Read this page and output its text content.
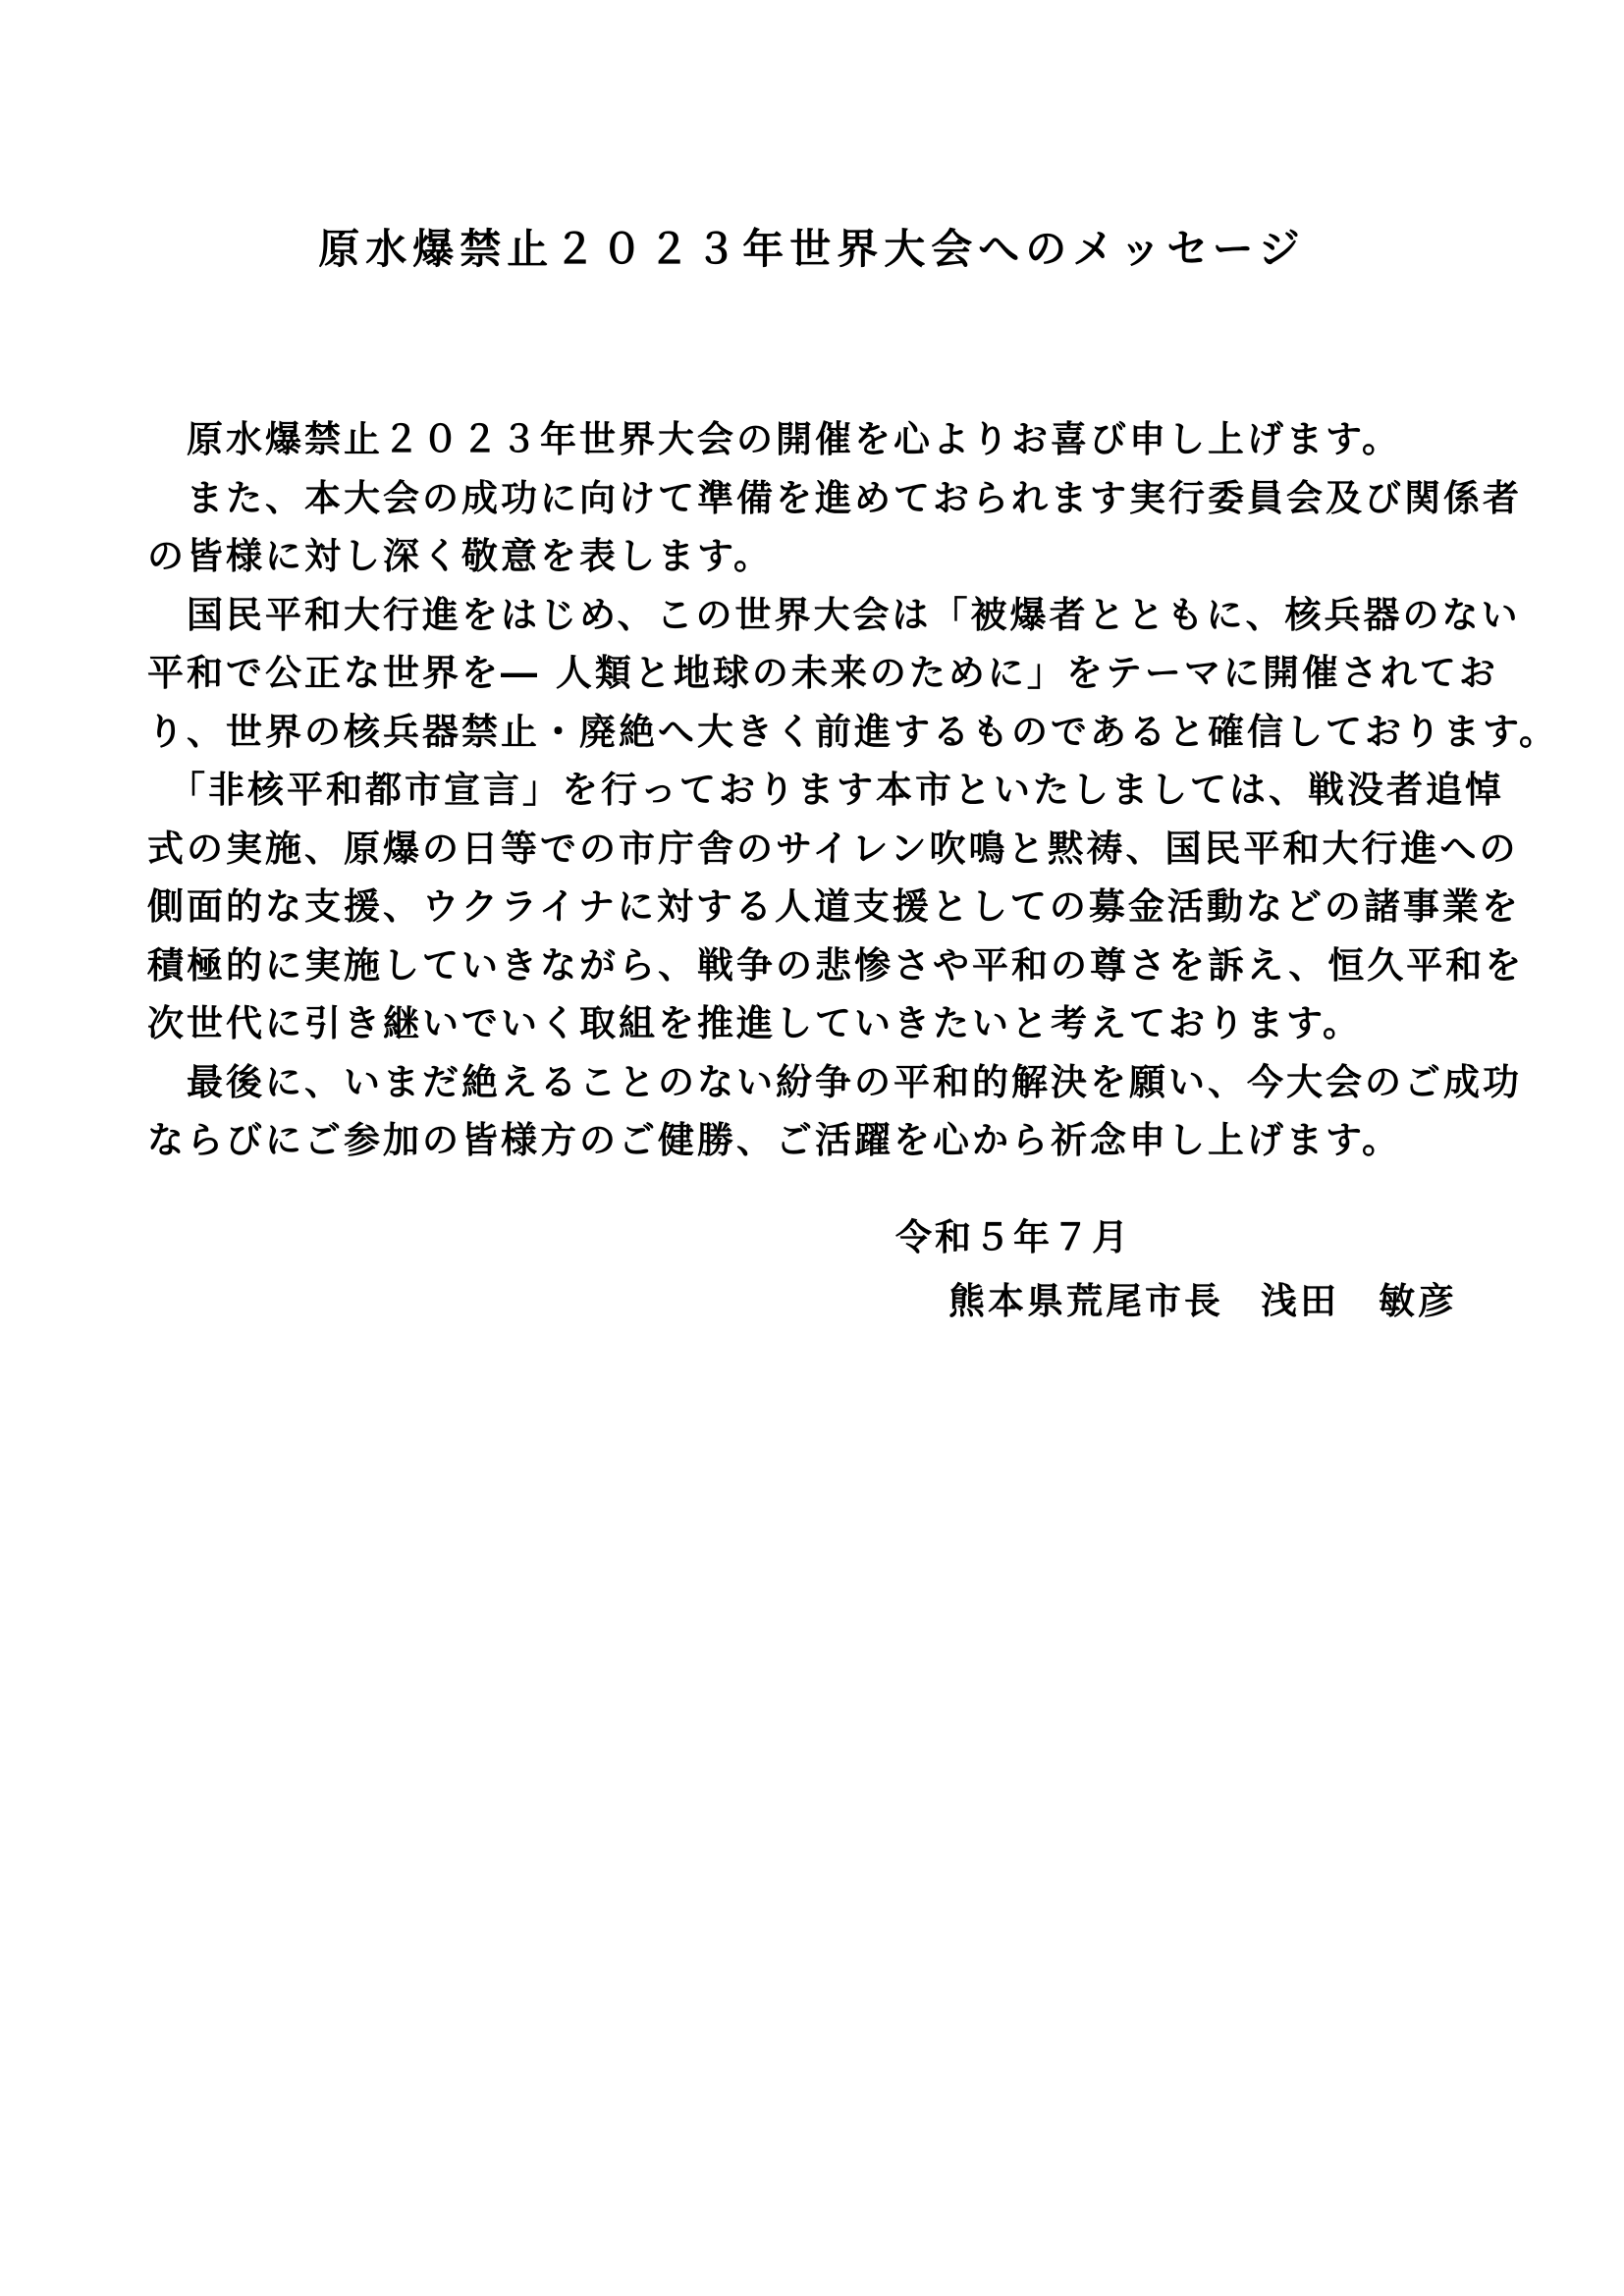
原水爆禁止２０２３年世界大会へのメッセージ
原水爆禁止２０２３年世界大会の開催を心よりお喜び申し上げます。
また、本大会の成功に向けて準備を進めておられます実行委員会及び関係者
の皆様に対し深く敬意を表します。
国民平和大行進をはじめ、この世界大会は「被爆者とともに、核兵器のない
平和で公正な世界を― 人類と地球の未来のために」をテーマに開催されてお
り、世界の核兵器禁止・廃絶へ大きく前進するものであると確信しております。
「非核平和都市宣言」を行っております本市といたしましては、戦没者追悼
式の実施、原爆の日等での市庁舎のサイレン吹鳴と黙祷、国民平和大行進への
側面的な支援、ウクライナに対する人道支援としての募金活動などの諸事業を
積極的に実施していきながら、戦争の悲惨さや平和の尊さを訴え、恒久平和を
次世代に引き継いでいく取組を推進していきたいと考えております。
最後に、いまだ絶えることのない紛争の平和的解決を願い、今大会のご成功
ならびにご参加の皆様方のご健勝、ご活躍を心から祈念申し上げます。
令和５年７月
熊本県荒尾市長 浅田　敏彦
